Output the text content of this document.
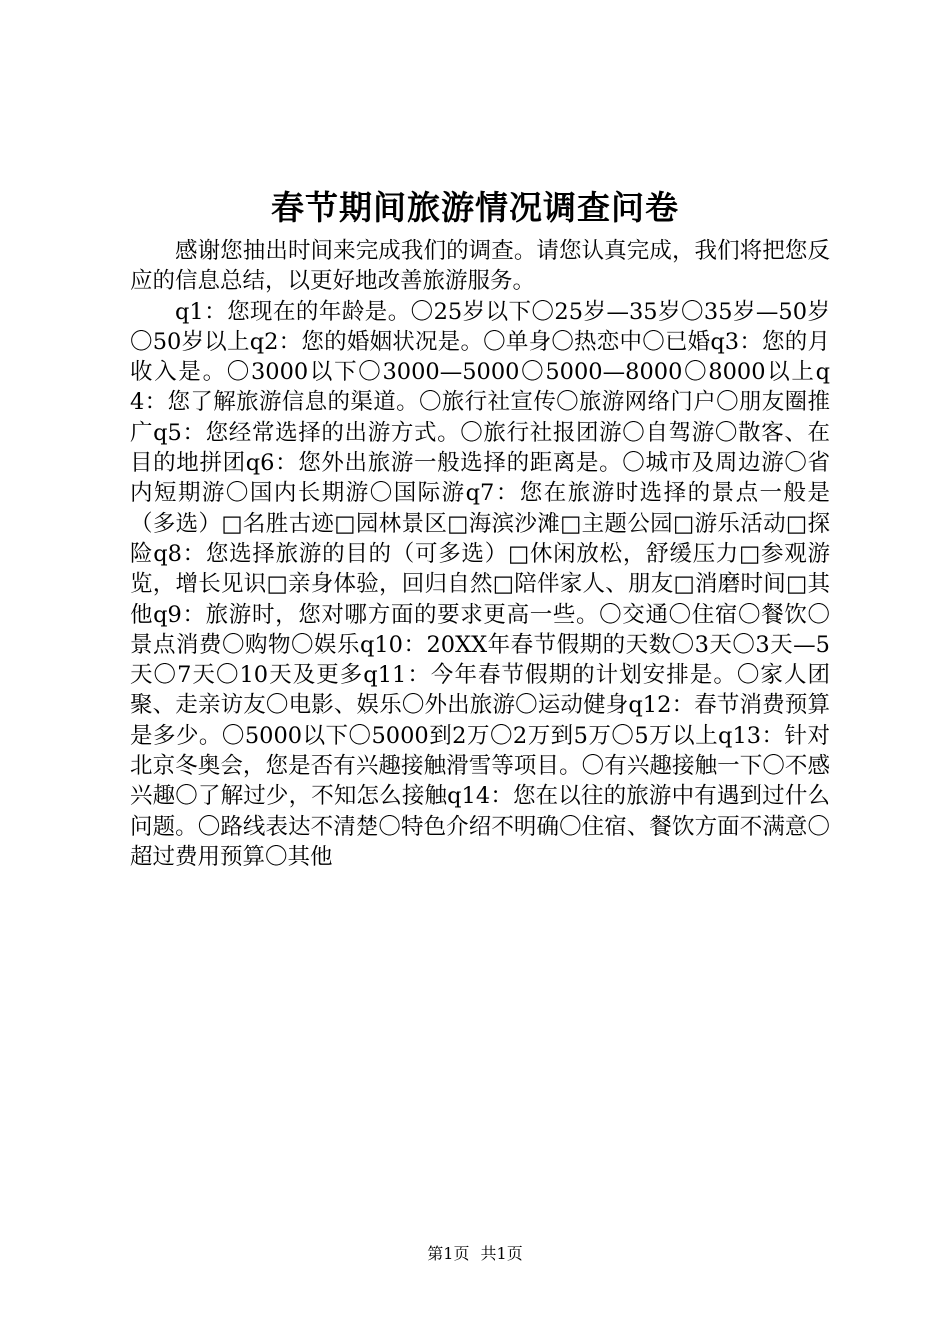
春节期间旅游情况调查问卷

感谢您抽出时间来完成我们的调查。请您认真完成，我们将把您反应的信息总结，以更好地改善旅游服务。

q1：您现在的年龄是。〇25岁以下〇25岁—35岁〇35岁—50岁〇50岁以上q2：您的婚姻状况是。〇单身〇热恋中〇已婚q3：您的月收入是。〇3000以下〇3000—5000〇5000—8000〇8000以上q4：您了解旅游信息的渠道。〇旅行社宣传〇旅游网络门户〇朋友圈推广q5：您经常选择的出游方式。〇旅行社报团游〇自驾游〇散客、在目的地拼团q6：您外出旅游一般选择的距离是。〇城市及周边游〇省内短期游〇国内长期游〇国际游q7：您在旅游时选择的景点一般是（多选）□名胜古迹□园林景区□海滨沙滩□主题公园□游乐活动□探险q8：您选择旅游的目的（可多选）□休闲放松，舒缓压力□参观游览，增长见识□亲身体验，回归自然□陪伴家人、朋友□消磨时间□其他q9：旅游时，您对哪方面的要求更高一些。〇交通〇住宿〇餐饮〇景点消费〇购物〇娱乐q10：20XX年春节假期的天数〇3天〇3天—5天〇7天〇10天及更多q11：今年春节假期的计划安排是。〇家人团聚、走亲访友〇电影、娱乐〇外出旅游〇运动健身q12：春节消费预算是多少。〇5000以下〇5000到2万〇2万到5万〇5万以上q13：针对北京冬奥会，您是否有兴趣接触滑雪等项目。〇有兴趣接触一下〇不感兴趣〇了解过少，不知怎么接触q14：您在以往的旅游中有遇到过什么问题。〇路线表达不清楚〇特色介绍不明确〇住宿、餐饮方面不满意〇超过费用预算〇其他

第1页 共1页
